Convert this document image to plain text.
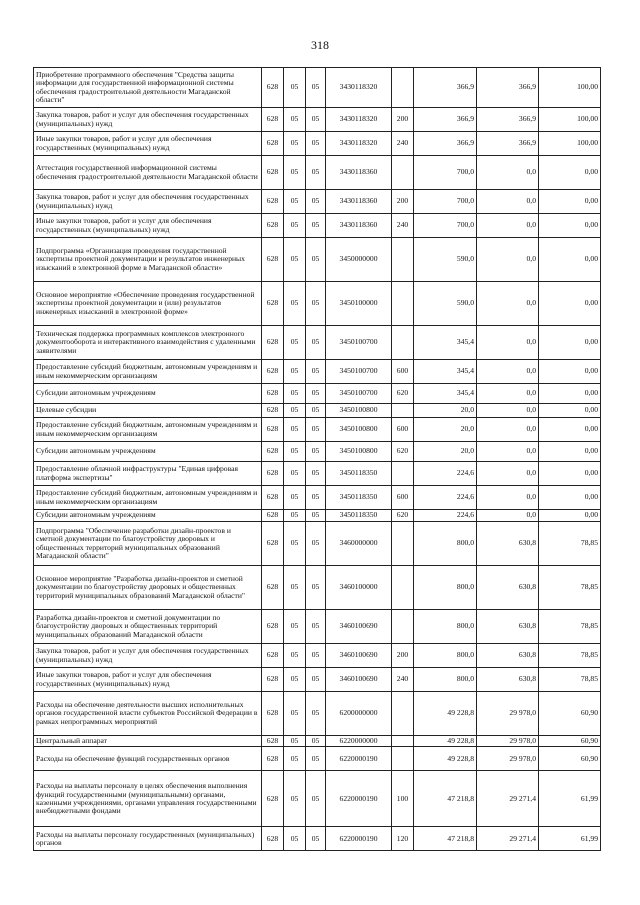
318
Приобретение программного обеспечения "Средства защиты информации для государственной информационной системы обеспечения градостроительной деятельности Магаданской области"	628	05	05	3430118320		366,9	366,9	100,00
Закупка товаров, работ и услуг для обеспечения государственных (муниципальных) нужд	628	05	05	3430118320	200	366,9	366,9	100,00
Иные закупки товаров, работ и услуг для обеспечения государственных (муниципальных) нужд	628	05	05	3430118320	240	366,9	366,9	100,00
Аттестация государственной информационной системы обеспечения градостроительной деятельности Магаданской области	628	05	05	3430118360		700,0	0,0	0,00
Закупка товаров, работ и услуг для обеспечения государственных (муниципальных) нужд	628	05	05	3430118360	200	700,0	0,0	0,00
Иные закупки товаров, работ и услуг для обеспечения государственных (муниципальных) нужд	628	05	05	3430118360	240	700,0	0,0	0,00
Подпрограмма «Организация проведения государственной экспертизы проектной документации и результатов инженерных изысканий в электронной форме в Магаданской области»	628	05	05	3450000000		590,0	0,0	0,00
Основное мероприятие «Обеспечение проведения государственной экспертизы проектной документации и (или) результатов инженерных изысканий в электронной форме»	628	05	05	3450100000		590,0	0,0	0,00
Техническая поддержка программных комплексов электронного документооборота и интерактивного взаимодействия с удаленными заявителями	628	05	05	3450100700		345,4	0,0	0,00
Предоставление субсидий бюджетным, автономным учреждениям и иным некоммерческим организациям	628	05	05	3450100700	600	345,4	0,0	0,00
Субсидии автономным учреждениям	628	05	05	3450100700	620	345,4	0,0	0,00
Целевые субсидии	628	05	05	3450100800		20,0	0,0	0,00
Предоставление субсидий бюджетным, автономным учреждениям и иным некоммерческим организациям	628	05	05	3450100800	600	20,0	0,0	0,00
Субсидии автономным учреждениям	628	05	05	3450100800	620	20,0	0,0	0,00
Предоставление облачной инфраструктуры "Единая цифровая платформа экспертизы"	628	05	05	3450118350		224,6	0,0	0,00
Предоставление субсидий бюджетным, автономным учреждениям и иным некоммерческим организациям	628	05	05	3450118350	600	224,6	0,0	0,00
Субсидии автономным учреждениям	628	05	05	3450118350	620	224,6	0,0	0,00
Подпрограмма "Обеспечение разработки дизайн-проектов и сметной документации по благоустройству дворовых и общественных территорий муниципальных образований Магаданской области"	628	05	05	3460000000		800,0	630,8	78,85
Основное мероприятие "Разработка дизайн-проектов и сметной документации по благоустройству дворовых и общественных территорий муниципальных образований Магаданской области"	628	05	05	3460100000		800,0	630,8	78,85
Разработка дизайн-проектов и сметной документации по благоустройству дворовых и общественных территорий муниципальных образований Магаданской области	628	05	05	3460100690		800,0	630,8	78,85
Закупка товаров, работ и услуг для обеспечения государственных (муниципальных) нужд	628	05	05	3460100690	200	800,0	630,8	78,85
Иные закупки товаров, работ и услуг для обеспечения государственных (муниципальных) нужд	628	05	05	3460100690	240	800,0	630,8	78,85
Расходы на обеспечение деятельности высших исполнительных органов государственной власти субъектов Российской Федерации в рамках непрограммных мероприятий	628	05	05	6200000000		49 228,8	29 978,0	60,90
Центральный аппарат	628	05	05	6220000000		49 228,8	29 978,0	60,90
Расходы на обеспечение функций государственных органов	628	05	05	6220000190		49 228,8	29 978,0	60,90
Расходы на выплаты персоналу в целях обеспечения выполнения функций государственными (муниципальными) органами, казенными учреждениями, органами управления государственными внебюджетными фондами	628	05	05	6220000190	100	47 218,8	29 271,4	61,99
Расходы на выплаты персоналу государственных (муниципальных) органов	628	05	05	6220000190	120	47 218,8	29 271,4	61,99
